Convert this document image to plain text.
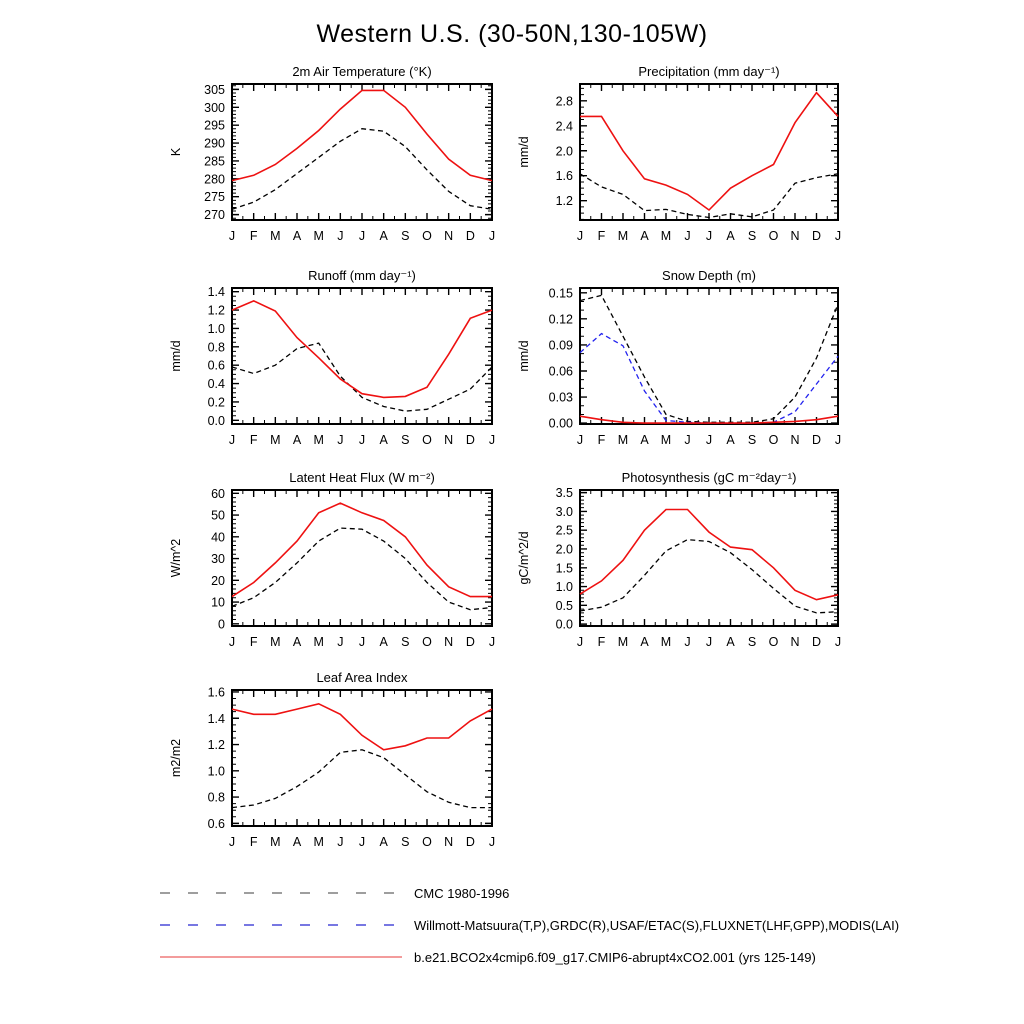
Western U.S. (30-50N,130-105W)
270
275
280
285
290
295
300
305
J F M A M J J A S O N D J
2m Air Temperature (°K)
K
1.2
1.6
2.0
2.4
2.8
J F M A M J J A S O N D J
Precipitation (mm day⁻¹)
mm/d
0.0
0.2
0.4
0.6
0.8
1.0
1.2
1.4
J F M A M J J A S O N D J
Runoff (mm day⁻¹)
mm/d
0.00
0.03
0.06
0.09
0.12
0.15
J F M A M J J A S O N D J
Snow Depth (m)
mm/d
0
10
20
30
40
50
60
J F M A M J J A S O N D J
Latent Heat Flux (W m⁻²)
W/m^2
0.0
0.5
1.0
1.5
2.0
2.5
3.0
3.5
J F M A M J J A S O N D J
Photosynthesis (gC m⁻²day⁻¹)
gC/m^2/d
0.6
0.8
1.0
1.2
1.4
1.6
J F M A M J J A S O N D J
Leaf Area Index
m2/m2
CMC 1980-1996
Willmott-Matsuura(T,P),GRDC(R),USAF/ETAC(S),FLUXNET(LHF,GPP),MODIS(LAI)
b.e21.BCO2x4cmip6.f09_g17.CMIP6-abrupt4xCO2.001 (yrs 125-149)
